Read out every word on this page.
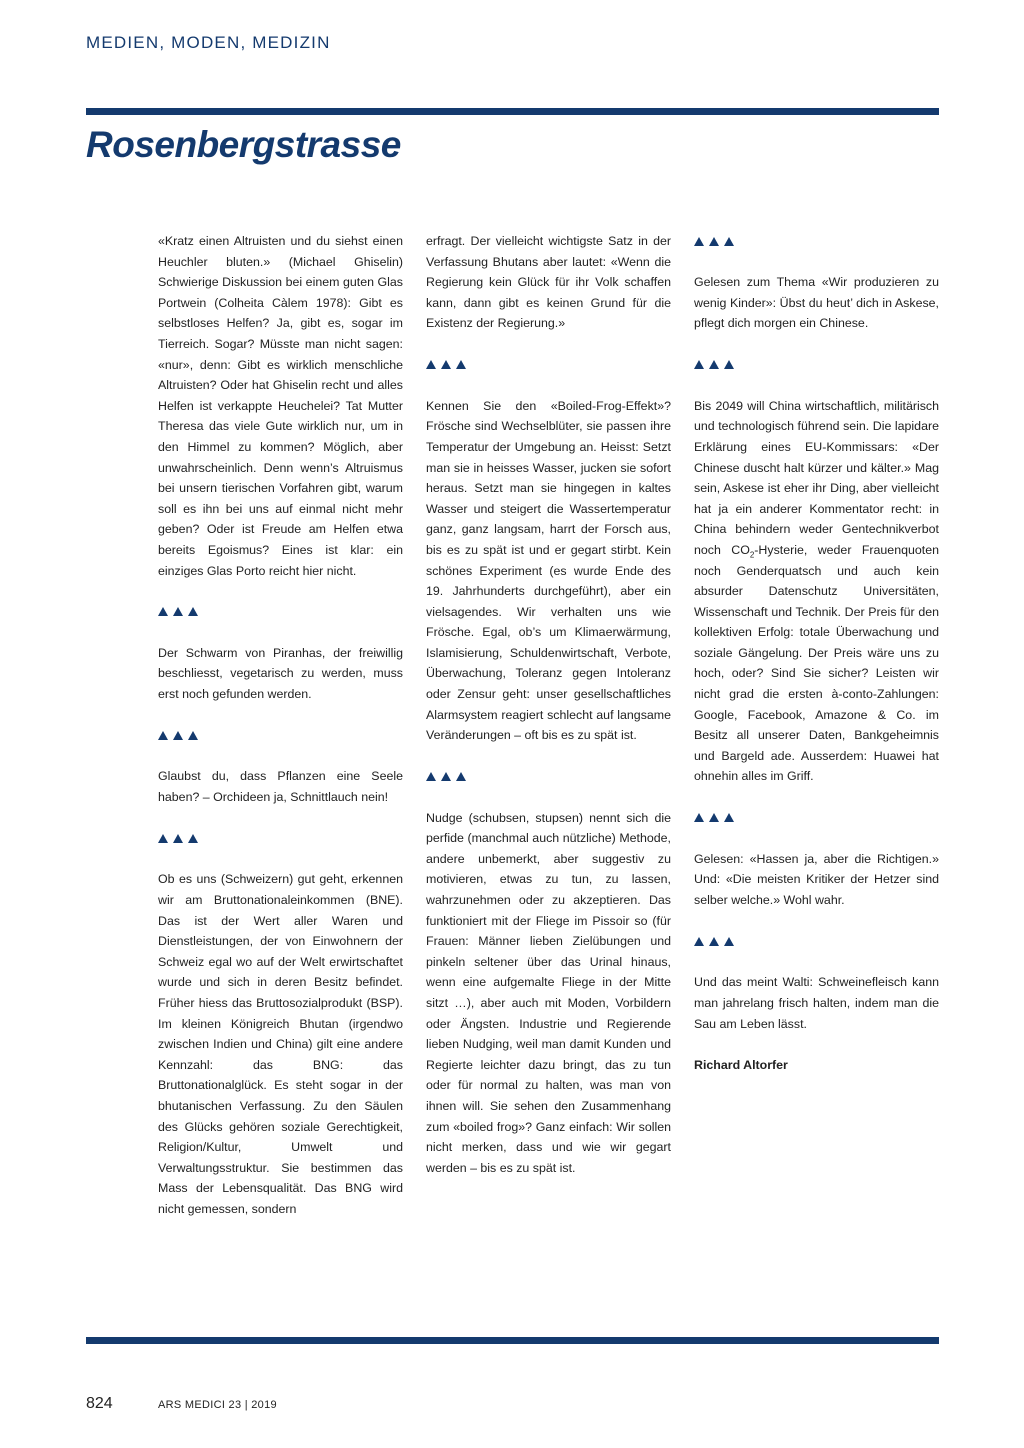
MEDIEN, MODEN, MEDIZIN
Rosenbergstrasse

«Kratz einen Altruisten und du siehst einen Heuchler bluten.» (Michael Ghiselin) Schwierige Diskussion bei einem guten Glas Portwein (Colheita Càlem 1978): Gibt es selbstloses Helfen? Ja, gibt es, sogar im Tierreich. Sogar? Müsste man nicht sagen: «nur», denn: Gibt es wirklich menschliche Altruisten? Oder hat Ghiselin recht und alles Helfen ist verkappte Heuchelei? Tat Mutter Theresa das viele Gute wirklich nur, um in den Himmel zu kommen? Möglich, aber unwahrscheinlich. Denn wenn’s Altruismus bei unsern tierischen Vorfahren gibt, warum soll es ihn bei uns auf einmal nicht mehr geben? Oder ist Freude am Helfen etwa bereits Egoismus? Eines ist klar: ein einziges Glas Porto reicht hier nicht.

Der Schwarm von Piranhas, der freiwillig beschliesst, vegetarisch zu werden, muss erst noch gefunden werden.

Glaubst du, dass Pflanzen eine Seele haben? – Orchideen ja, Schnittlauch nein!

Ob es uns (Schweizern) gut geht, erkennen wir am Bruttonationaleinkommen (BNE). Das ist der Wert aller Waren und Dienstleistungen, der von Einwohnern der Schweiz egal wo auf der Welt erwirtschaftet wurde und sich in deren Besitz befindet. Früher hiess das Bruttosozialprodukt (BSP). Im kleinen Königreich Bhutan (irgendwo zwischen Indien und China) gilt eine andere Kennzahl: das BNG: das Bruttonationalglück. Es steht sogar in der bhutanischen Verfassung. Zu den Säulen des Glücks gehören soziale Gerechtigkeit, Religion/Kultur, Umwelt und Verwaltungsstruktur. Sie bestimmen das Mass der Lebensqualität. Das BNG wird nicht gemessen, sondern

erfragt. Der vielleicht wichtigste Satz in der Verfassung Bhutans aber lautet: «Wenn die Regierung kein Glück für ihr Volk schaffen kann, dann gibt es keinen Grund für die Existenz der Regierung.»

Kennen Sie den «Boiled-Frog-Effekt»? Frösche sind Wechselblüter, sie passen ihre Temperatur der Umgebung an. Heisst: Setzt man sie in heisses Wasser, jucken sie sofort heraus. Setzt man sie hingegen in kaltes Wasser und steigert die Wassertemperatur ganz, ganz langsam, harrt der Forsch aus, bis es zu spät ist und er gegart stirbt. Kein schönes Experiment (es wurde Ende des 19. Jahrhunderts durchgeführt), aber ein vielsagendes. Wir verhalten uns wie Frösche. Egal, ob’s um Klimaerwärmung, Islamisierung, Schuldenwirtschaft, Verbote, Überwachung, Toleranz gegen Intoleranz oder Zensur geht: unser gesellschaftliches Alarmsystem reagiert schlecht auf langsame Veränderungen – oft bis es zu spät ist.

Nudge (schubsen, stupsen) nennt sich die perfide (manchmal auch nützliche) Methode, andere unbemerkt, aber suggestiv zu motivieren, etwas zu tun, zu lassen, wahrzunehmen oder zu akzeptieren. Das funktioniert mit der Fliege im Pissoir so (für Frauen: Männer lieben Zielübungen und pinkeln seltener über das Urinal hinaus, wenn eine aufgemalte Fliege in der Mitte sitzt …), aber auch mit Moden, Vorbildern oder Ängsten. Industrie und Regierende lieben Nudging, weil man damit Kunden und Regierte leichter dazu bringt, das zu tun oder für normal zu halten, was man von ihnen will. Sie sehen den Zusammenhang zum «boiled frog»? Ganz einfach: Wir sollen nicht merken, dass und wie wir gegart werden – bis es zu spät ist.

Gelesen zum Thema «Wir produzieren zu wenig Kinder»: Übst du heut’ dich in Askese, pflegt dich morgen ein Chinese.

Bis 2049 will China wirtschaftlich, militärisch und technologisch führend sein. Die lapidare Erklärung eines EU-Kommissars: «Der Chinese duscht halt kürzer und kälter.» Mag sein, Askese ist eher ihr Ding, aber vielleicht hat ja ein anderer Kommentator recht: in China behindern weder Gentechnikverbot noch $CO_2$-Hysterie, weder Frauenquoten noch Genderquatsch und auch kein absurder Datenschutz Universitäten, Wissenschaft und Technik. Der Preis für den kollektiven Erfolg: totale Überwachung und soziale Gängelung. Der Preis wäre uns zu hoch, oder? Sind Sie sicher? Leisten wir nicht grad die ersten à-conto-Zahlungen: Google, Facebook, Amazone & Co. im Besitz all unserer Daten, Bankgeheimnis und Bargeld ade. Ausserdem: Huawei hat ohnehin alles im Griff.

Gelesen: «Hassen ja, aber die Richtigen.» Und: «Die meisten Kritiker der Hetzer sind selber welche.» Wohl wahr.

Und das meint Walti: Schweinefleisch kann man jahrelang frisch halten, indem man die Sau am Leben lässt.

Richard Altorfer

824	ARS MEDICI 23 | 2019
